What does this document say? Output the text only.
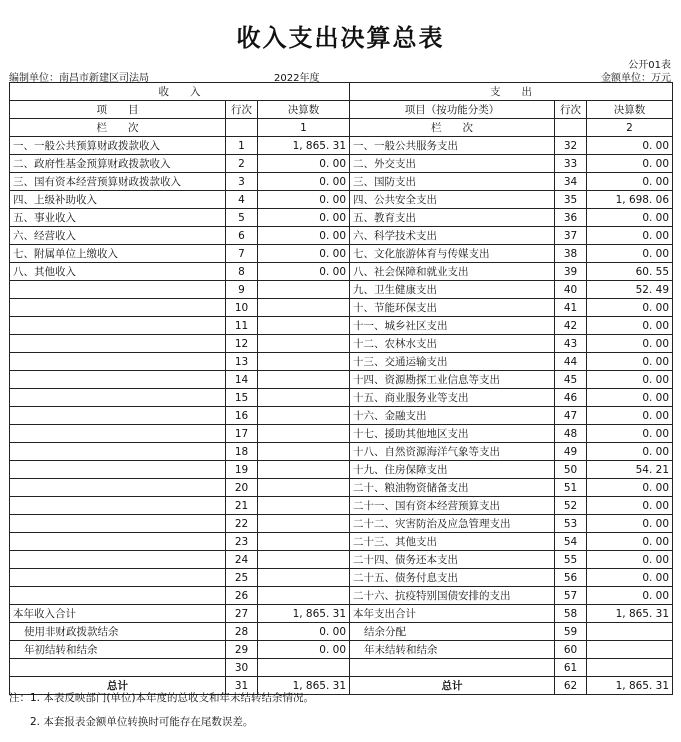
收入支出决算总表
公开01表
编制单位：南昌市新建区司法局	2022年度	金额单位：万元
收　　入			支　　出		
项　　目	行次	决算数	项目（按功能分类）	行次	决算数
栏　　次		1	栏　　次		2
一、一般公共预算财政拨款收入	1	1, 865. 31	一、一般公共服务支出	32	0. 00
二、政府性基金预算财政拨款收入	2	0. 00	二、外交支出	33	0. 00
三、国有资本经营预算财政拨款收入	3	0. 00	三、国防支出	34	0. 00
四、上级补助收入	4	0. 00	四、公共安全支出	35	1, 698. 06
五、事业收入	5	0. 00	五、教育支出	36	0. 00
六、经营收入	6	0. 00	六、科学技术支出	37	0. 00
七、附属单位上缴收入	7	0. 00	七、文化旅游体育与传媒支出	38	0. 00
八、其他收入	8	0. 00	八、社会保障和就业支出	39	60. 55
	9		九、卫生健康支出	40	52. 49
	10		十、节能环保支出	41	0. 00
	11		十一、城乡社区支出	42	0. 00
	12		十二、农林水支出	43	0. 00
	13		十三、交通运输支出	44	0. 00
	14		十四、资源勘探工业信息等支出	45	0. 00
	15		十五、商业服务业等支出	46	0. 00
	16		十六、金融支出	47	0. 00
	17		十七、援助其他地区支出	48	0. 00
	18		十八、自然资源海洋气象等支出	49	0. 00
	19		十九、住房保障支出	50	54. 21
	20		二十、粮油物资储备支出	51	0. 00
	21		二十一、国有资本经营预算支出	52	0. 00
	22		二十二、灾害防治及应急管理支出	53	0. 00
	23		二十三、其他支出	54	0. 00
	24		二十四、债务还本支出	55	0. 00
	25		二十五、债务付息支出	56	0. 00
	26		二十六、抗疫特别国债安排的支出	57	0. 00
本年收入合计	27	1, 865. 31	本年支出合计	58	1, 865. 31
使用非财政拨款结余	28	0. 00	结余分配	59	
年初结转和结余	29	0. 00	年末结转和结余	60	
	30			61	
总计	31	1, 865. 31	总计	62	1, 865. 31
注：1. 本表反映部门(单位)本年度的总收支和年末结转结余情况。
　　2. 本套报表金额单位转换时可能存在尾数误差。
